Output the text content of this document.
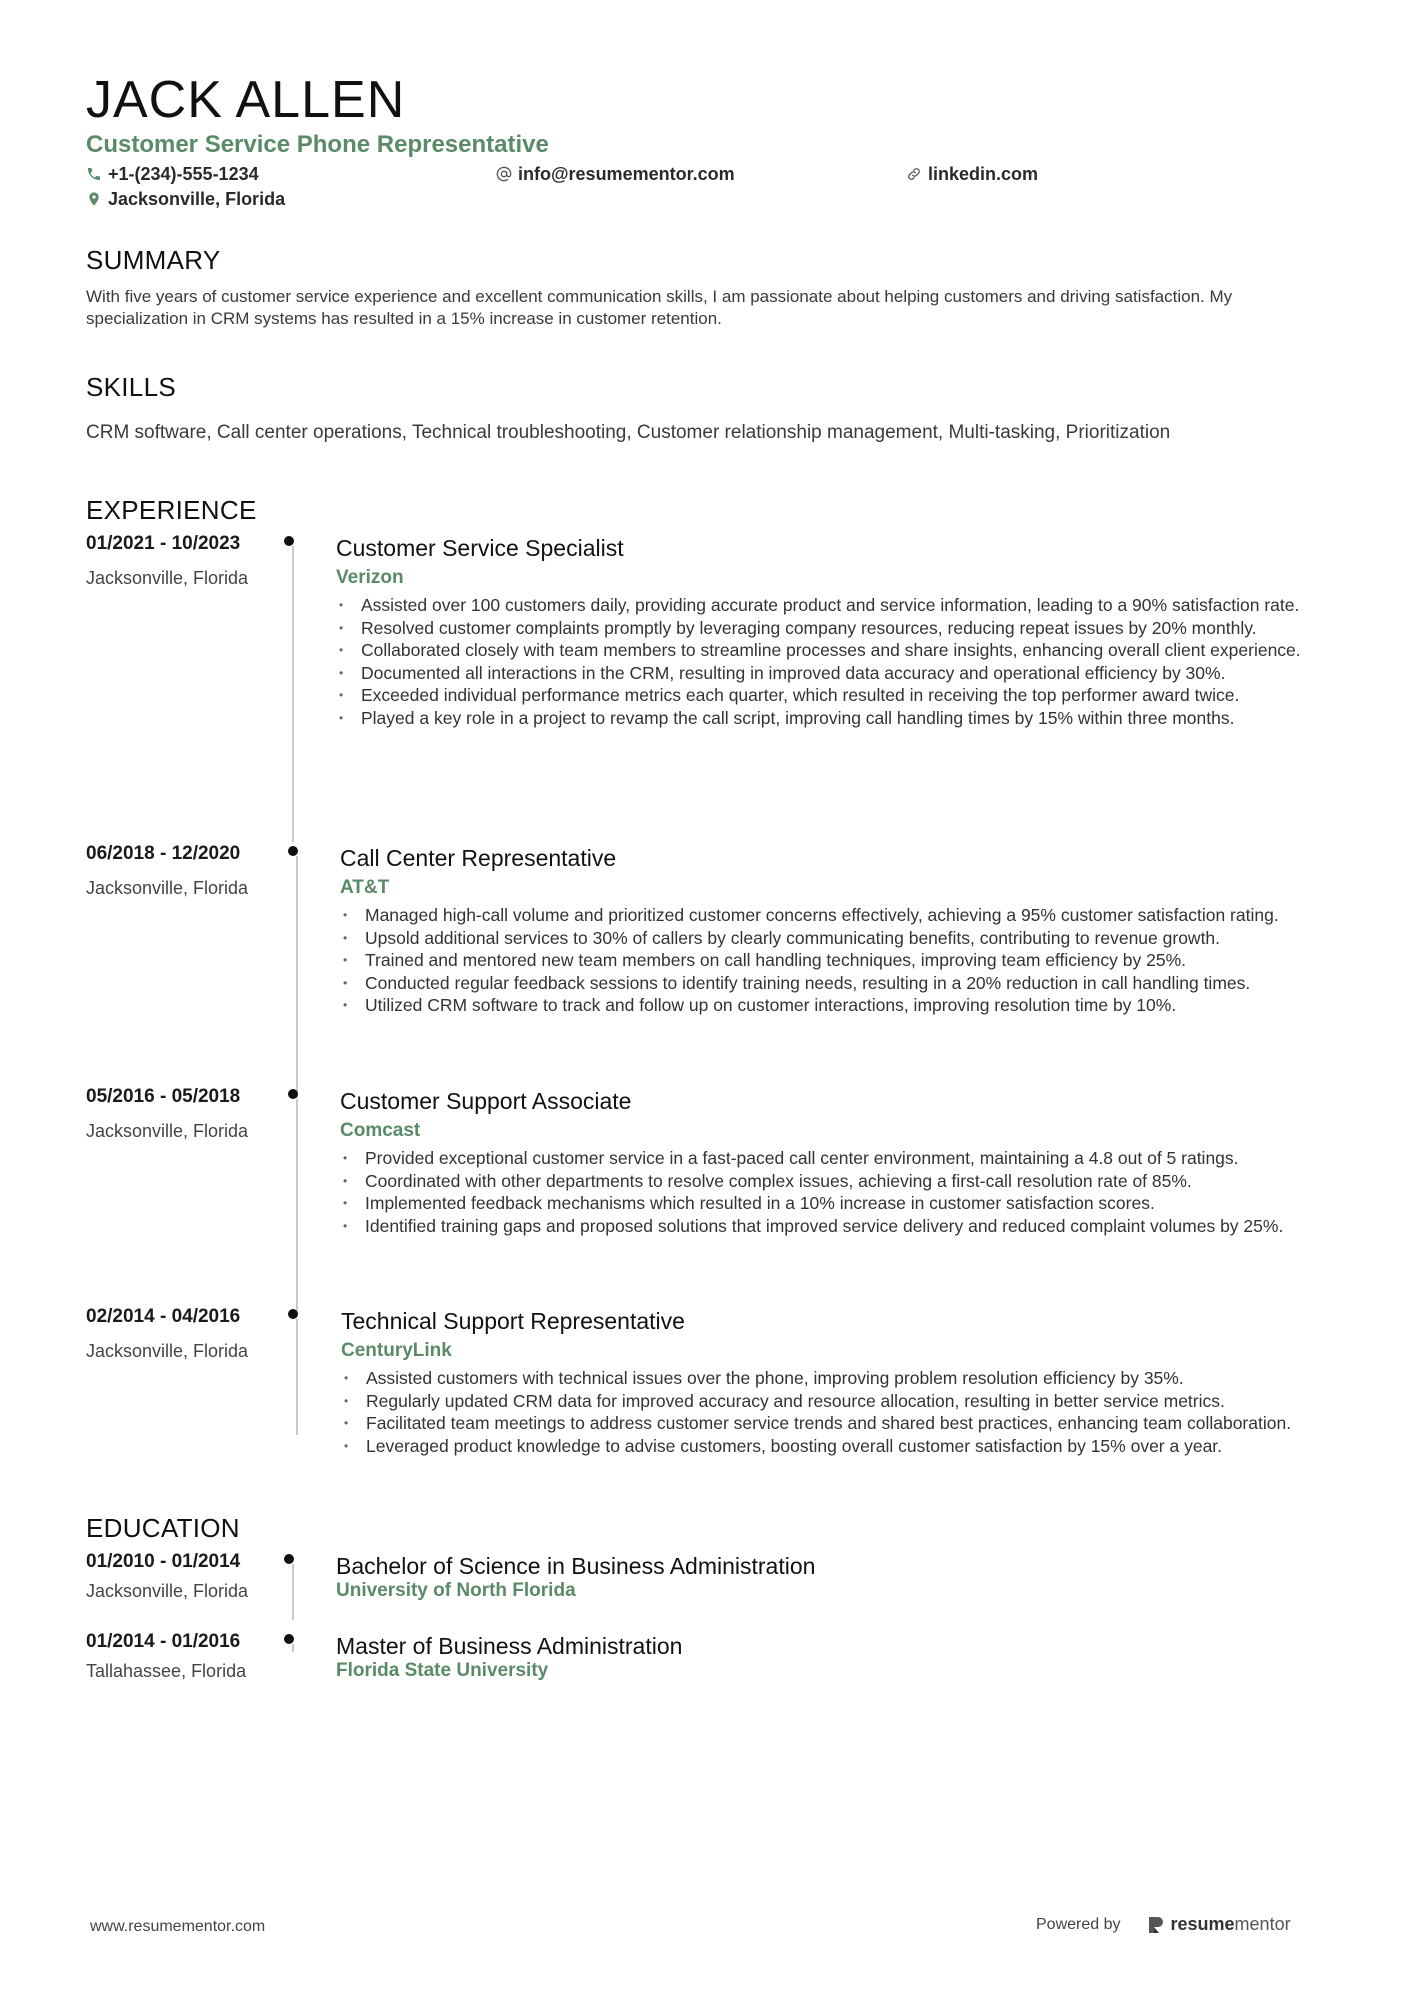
JACK ALLEN
Customer Service Phone Representative
+1-(234)-555-1234	info@resumementor.com	linkedin.com
Jacksonville, Florida
SUMMARY

With five years of customer service experience and excellent communication skills, I am passionate about helping customers and driving satisfaction. My specialization in CRM systems has resulted in a 15% increase in customer retention.

SKILLS

CRM software, Call center operations, Technical troubleshooting, Customer relationship management, Multi-tasking, Prioritization

EXPERIENCE
01/2021 - 10/2023
Jacksonville, Florida
Customer Service Specialist
Verizon
• Assisted over 100 customers daily, providing accurate product and service information, leading to a 90% satisfaction rate.
• Resolved customer complaints promptly by leveraging company resources, reducing repeat issues by 20% monthly.
• Collaborated closely with team members to streamline processes and share insights, enhancing overall client experience.
• Documented all interactions in the CRM, resulting in improved data accuracy and operational efficiency by 30%.
• Exceeded individual performance metrics each quarter, which resulted in receiving the top performer award twice.
• Played a key role in a project to revamp the call script, improving call handling times by 15% within three months.
06/2018 - 12/2020
Jacksonville, Florida
Call Center Representative
AT&T
• Managed high-call volume and prioritized customer concerns effectively, achieving a 95% customer satisfaction rating.
• Upsold additional services to 30% of callers by clearly communicating benefits, contributing to revenue growth.
• Trained and mentored new team members on call handling techniques, improving team efficiency by 25%.
• Conducted regular feedback sessions to identify training needs, resulting in a 20% reduction in call handling times.
• Utilized CRM software to track and follow up on customer interactions, improving resolution time by 10%.
05/2016 - 05/2018
Jacksonville, Florida
Customer Support Associate
Comcast
• Provided exceptional customer service in a fast-paced call center environment, maintaining a 4.8 out of 5 ratings.
• Coordinated with other departments to resolve complex issues, achieving a first-call resolution rate of 85%.
• Implemented feedback mechanisms which resulted in a 10% increase in customer satisfaction scores.
• Identified training gaps and proposed solutions that improved service delivery and reduced complaint volumes by 25%.
02/2014 - 04/2016
Jacksonville, Florida
Technical Support Representative
CenturyLink
• Assisted customers with technical issues over the phone, improving problem resolution efficiency by 35%.
• Regularly updated CRM data for improved accuracy and resource allocation, resulting in better service metrics.
• Facilitated team meetings to address customer service trends and shared best practices, enhancing team collaboration.
• Leveraged product knowledge to advise customers, boosting overall customer satisfaction by 15% over a year.
EDUCATION
01/2010 - 01/2014
Jacksonville, Florida
Bachelor of Science in Business Administration
University of North Florida
01/2014 - 01/2016
Tallahassee, Florida
Master of Business Administration
Florida State University
www.resumementor.com	Powered by	resumementor
